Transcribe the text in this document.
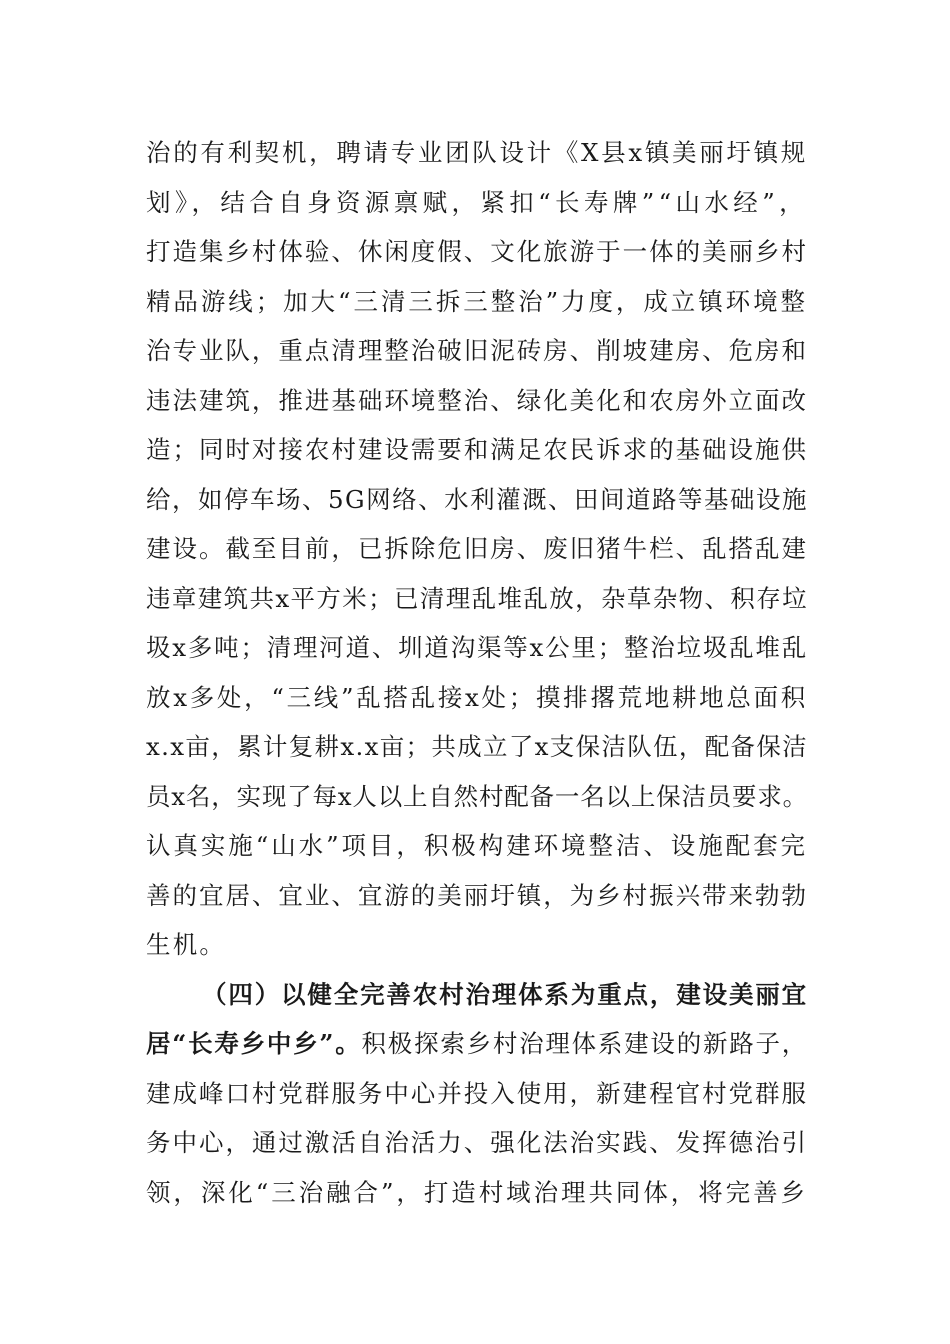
治的有利契机，聘请专业团队设计《X县x镇美丽圩镇规
划》，结合自身资源禀赋，紧扣“长寿牌”“山水经”，
打造集乡村体验、休闲度假、文化旅游于一体的美丽乡村
精品游线；加大“三清三拆三整治”力度，成立镇环境整
治专业队，重点清理整治破旧泥砖房、削坡建房、危房和
违法建筑，推进基础环境整治、绿化美化和农房外立面改
造；同时对接农村建设需要和满足农民诉求的基础设施供
给，如停车场、5G网络、水利灌溉、田间道路等基础设施
建设。截至目前，已拆除危旧房、废旧猪牛栏、乱搭乱建
违章建筑共x平方米；已清理乱堆乱放，杂草杂物、积存垃
圾x多吨；清理河道、圳道沟渠等x公里；整治垃圾乱堆乱
放x多处，“三线”乱搭乱接x处；摸排撂荒地耕地总面积
x.x亩，累计复耕x.x亩；共成立了x支保洁队伍，配备保洁
员x名，实现了每x人以上自然村配备一名以上保洁员要求。
认真实施“山水”项目，积极构建环境整洁、设施配套完
善的宜居、宜业、宜游的美丽圩镇，为乡村振兴带来勃勃
生机。
（四）以健全完善农村治理体系为重点，建设美丽宜
居“长寿乡中乡”。积极探索乡村治理体系建设的新路子，
建成峰口村党群服务中心并投入使用，新建程官村党群服
务中心，通过激活自治活力、强化法治实践、发挥德治引
领，深化“三治融合”，打造村域治理共同体，将完善乡
